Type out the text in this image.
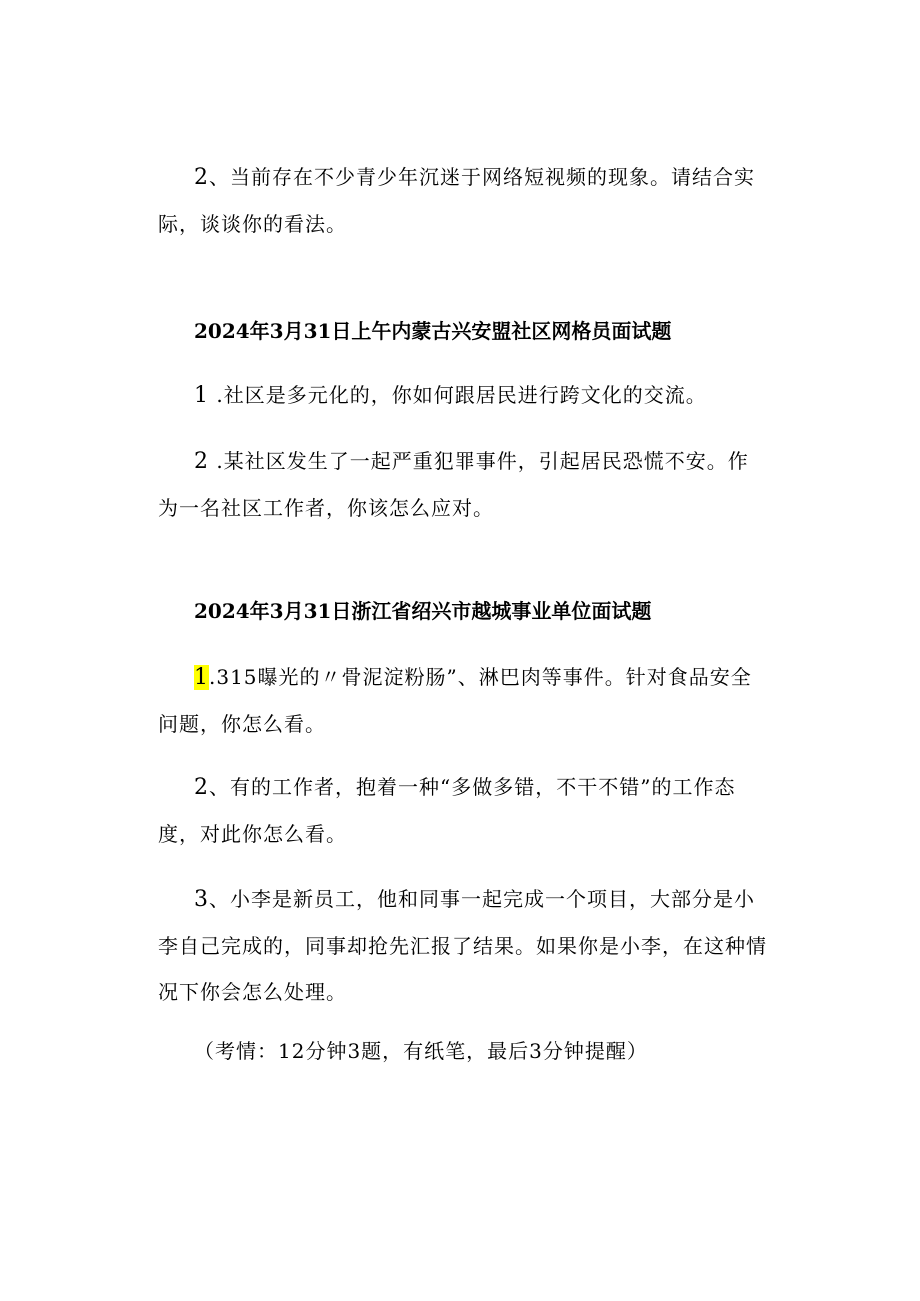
2、当前存在不少青少年沉迷于网络短视频的现象。请结合实际，谈谈你的看法。

2024年3月31日上午内蒙古兴安盟社区网格员面试题

1 .社区是多元化的，你如何跟居民进行跨文化的交流。

2 .某社区发生了一起严重犯罪事件，引起居民恐慌不安。作为一名社区工作者，你该怎么应对。

2024年3月31日浙江省绍兴市越城事业单位面试题

1.315曝光的〃骨泥淀粉肠”、淋巴肉等事件。针对食品安全问题，你怎么看。

2、有的工作者，抱着一种“多做多错，不干不错”的工作态度，对此你怎么看。

3、小李是新员工，他和同事一起完成一个项目，大部分是小李自己完成的，同事却抢先汇报了结果。如果你是小李，在这种情况下你会怎么处理。

（考情：12分钟3题，有纸笔，最后3分钟提醒）
